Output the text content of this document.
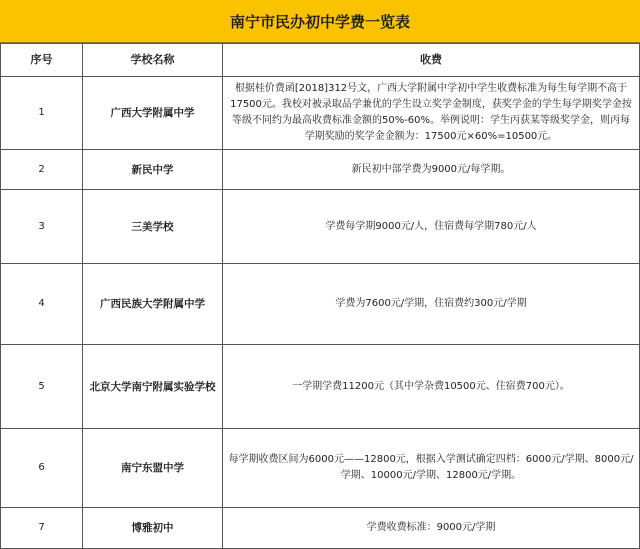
南宁市民办初中学费一览表
序号	学校名称	收费
1	广西大学附属中学	根据桂价费函[2018]312号文，广西大学附属中学初中学生收费标准为每生每学期不高于17500元。我校对被录取品学兼优的学生设立奖学金制度，获奖学金的学生每学期奖学金按等级不同约为最高收费标准金额的50%-60%。举例说明：学生丙获某等级奖学金，则丙每学期奖励的奖学金金额为：17500元×60%=10500元。
2	新民中学	新民初中部学费为9000元/每学期。
3	三美学校	学费每学期9000元/人，住宿费每学期780元/人
4	广西民族大学附属中学	学费为7600元/学期，住宿费约300元/学期
5	北京大学南宁附属实验学校	一学期学费11200元（其中学杂费10500元、住宿费700元）。
6	南宁东盟中学	每学期收费区间为6000元——12800元，根据入学测试确定四档：6000元/学期、8000元/学期、10000元/学期、12800元/学期。
7	博雅初中	学费收费标准：9000元/学期
